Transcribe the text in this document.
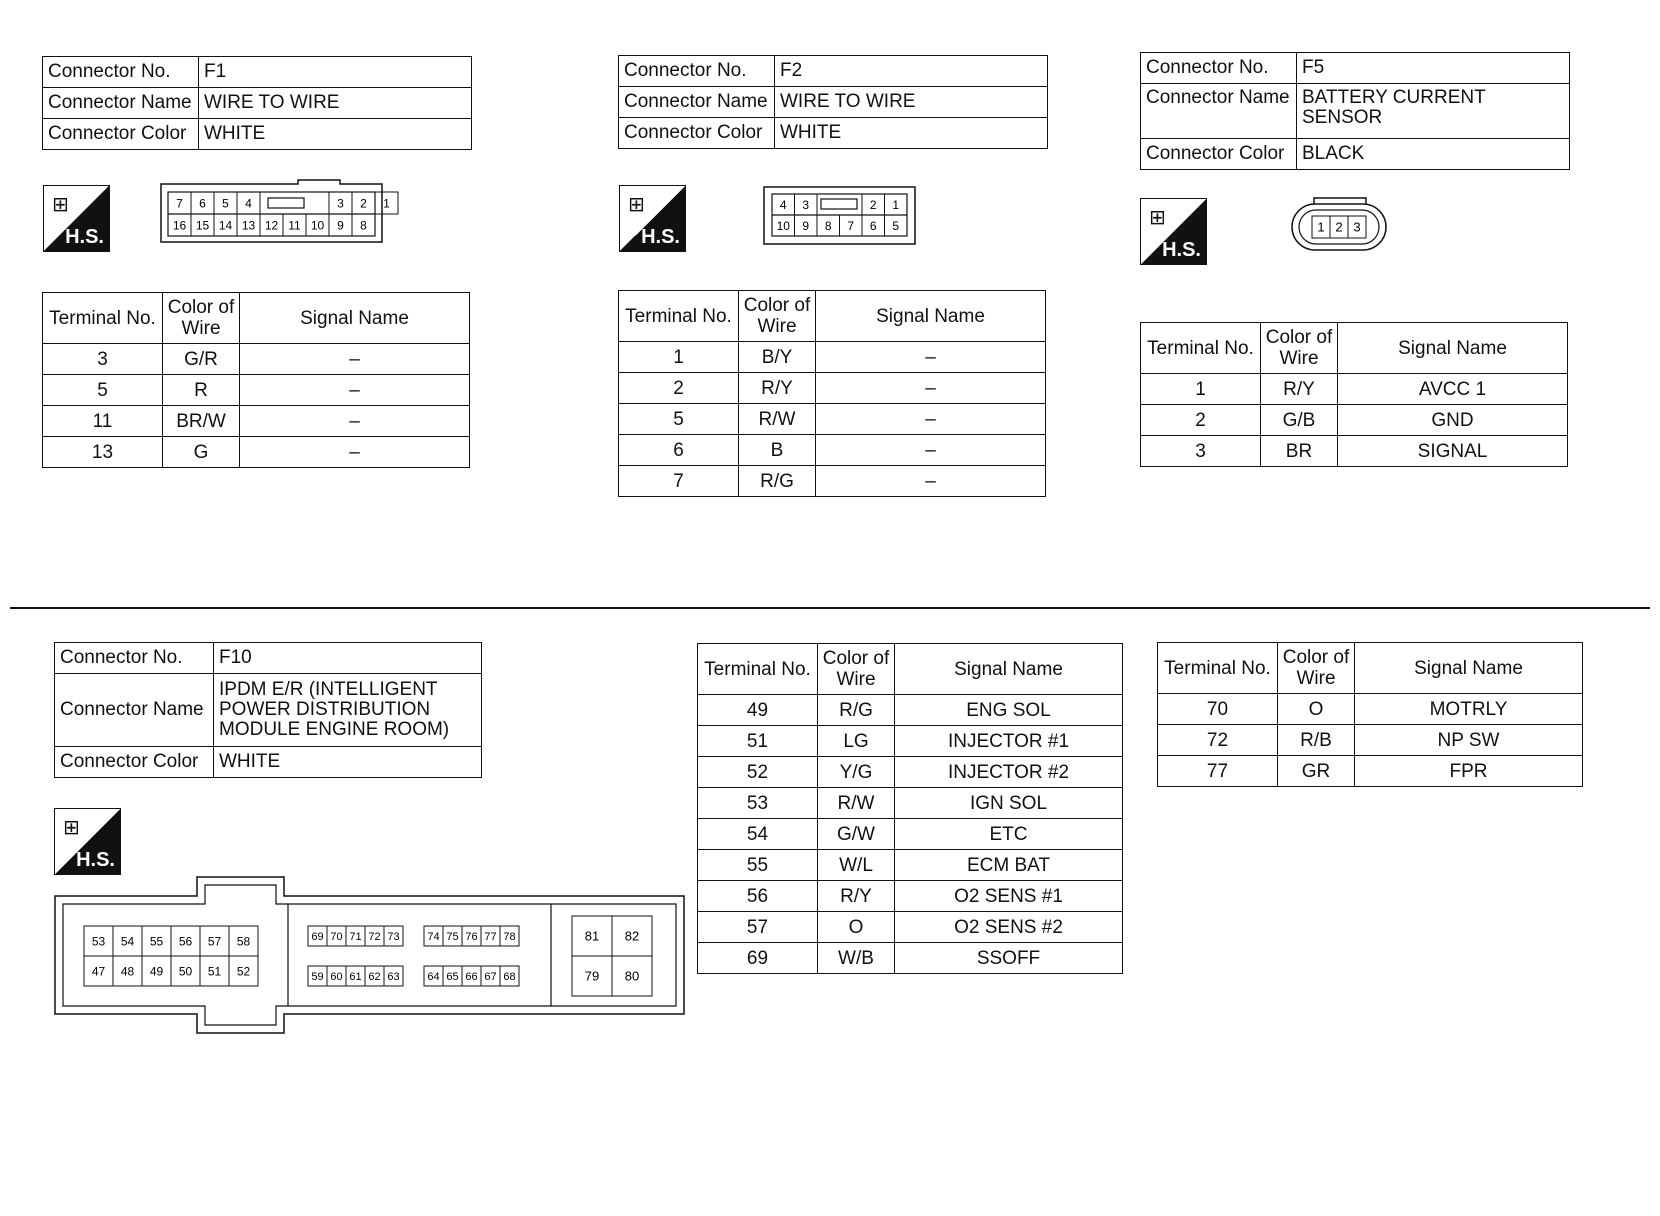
Connector No.	F1
Connector Name	WIRE TO WIRE
Connector Color	WHITE
⊞
H.S.
7 6 5 4	3 2 1
16 15 14 13 12 11 10 9 8
Terminal No.	Color of Wire	Signal Name
3	G/R	–
5	R	–
11	BR/W	–
13	G	–
Connector No.	F2
Connector Name	WIRE TO WIRE
Connector Color	WHITE
⊞
H.S.
4 3	2 1
10 9 8 7 6 5
Terminal No.	Color of Wire	Signal Name
1	B/Y	–
2	R/Y	–
5	R/W	–
6	B	–
7	R/G	–
Connector No.	F5
Connector Name	BATTERY CURRENT SENSOR
Connector Color	BLACK
⊞
H.S.
1 2 3
Terminal No.	Color of Wire	Signal Name
1	R/Y	AVCC 1
2	G/B	GND
3	BR	SIGNAL
Connector No.	F10
Connector Name	IPDM E/R (INTELLIGENT POWER DISTRIBUTION MODULE ENGINE ROOM)
Connector Color	WHITE
⊞
H.S.
53 54 55 56 57 58
47 48 49 50 51 52
69 70 71 72 73
59 60 61 62 63
74 75 76 77 78
64 65 66 67 68
81 82
79 80
Terminal No.	Color of Wire	Signal Name
49	R/G	ENG SOL
51	LG	INJECTOR #1
52	Y/G	INJECTOR #2
53	R/W	IGN SOL
54	G/W	ETC
55	W/L	ECM BAT
56	R/Y	O2 SENS #1
57	O	O2 SENS #2
69	W/B	SSOFF
Terminal No.	Color of Wire	Signal Name
70	O	MOTRLY
72	R/B	NP SW
77	GR	FPR
